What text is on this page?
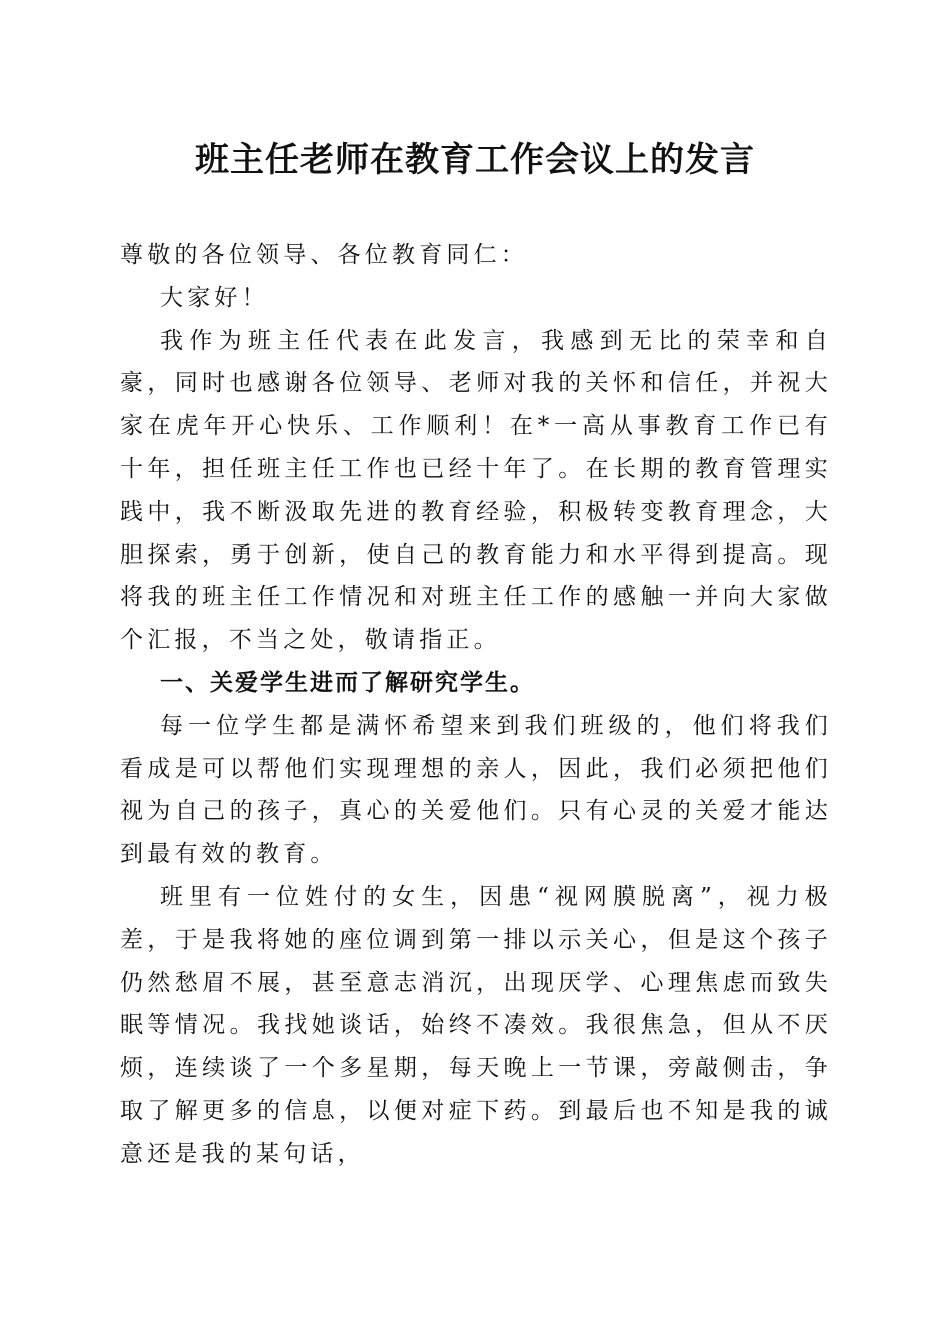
班主任老师在教育工作会议上的发言

尊敬的各位领导、各位教育同仁：

大家好！

我作为班主任代表在此发言，我感到无比的荣幸和自豪，同时也感谢各位领导、老师对我的关怀和信任，并祝大家在虎年开心快乐、工作顺利！在*一高从事教育工作已有十年，担任班主任工作也已经十年了。在长期的教育管理实践中，我不断汲取先进的教育经验，积极转变教育理念，大胆探索，勇于创新，使自己的教育能力和水平得到提高。现将我的班主任工作情况和对班主任工作的感触一并向大家做个汇报，不当之处，敬请指正。

一、关爱学生进而了解研究学生。

每一位学生都是满怀希望来到我们班级的，他们将我们看成是可以帮他们实现理想的亲人，因此，我们必须把他们视为自己的孩子，真心的关爱他们。只有心灵的关爱才能达到最有效的教育。

班里有一位姓付的女生，因患“视网膜脱离”，视力极差，于是我将她的座位调到第一排以示关心，但是这个孩子仍然愁眉不展，甚至意志消沉，出现厌学、心理焦虑而致失眠等情况。我找她谈话，始终不凑效。我很焦急，但从不厌烦，连续谈了一个多星期，每天晚上一节课，旁敲侧击，争取了解更多的信息，以便对症下药。到最后也不知是我的诚意还是我的某句话，
